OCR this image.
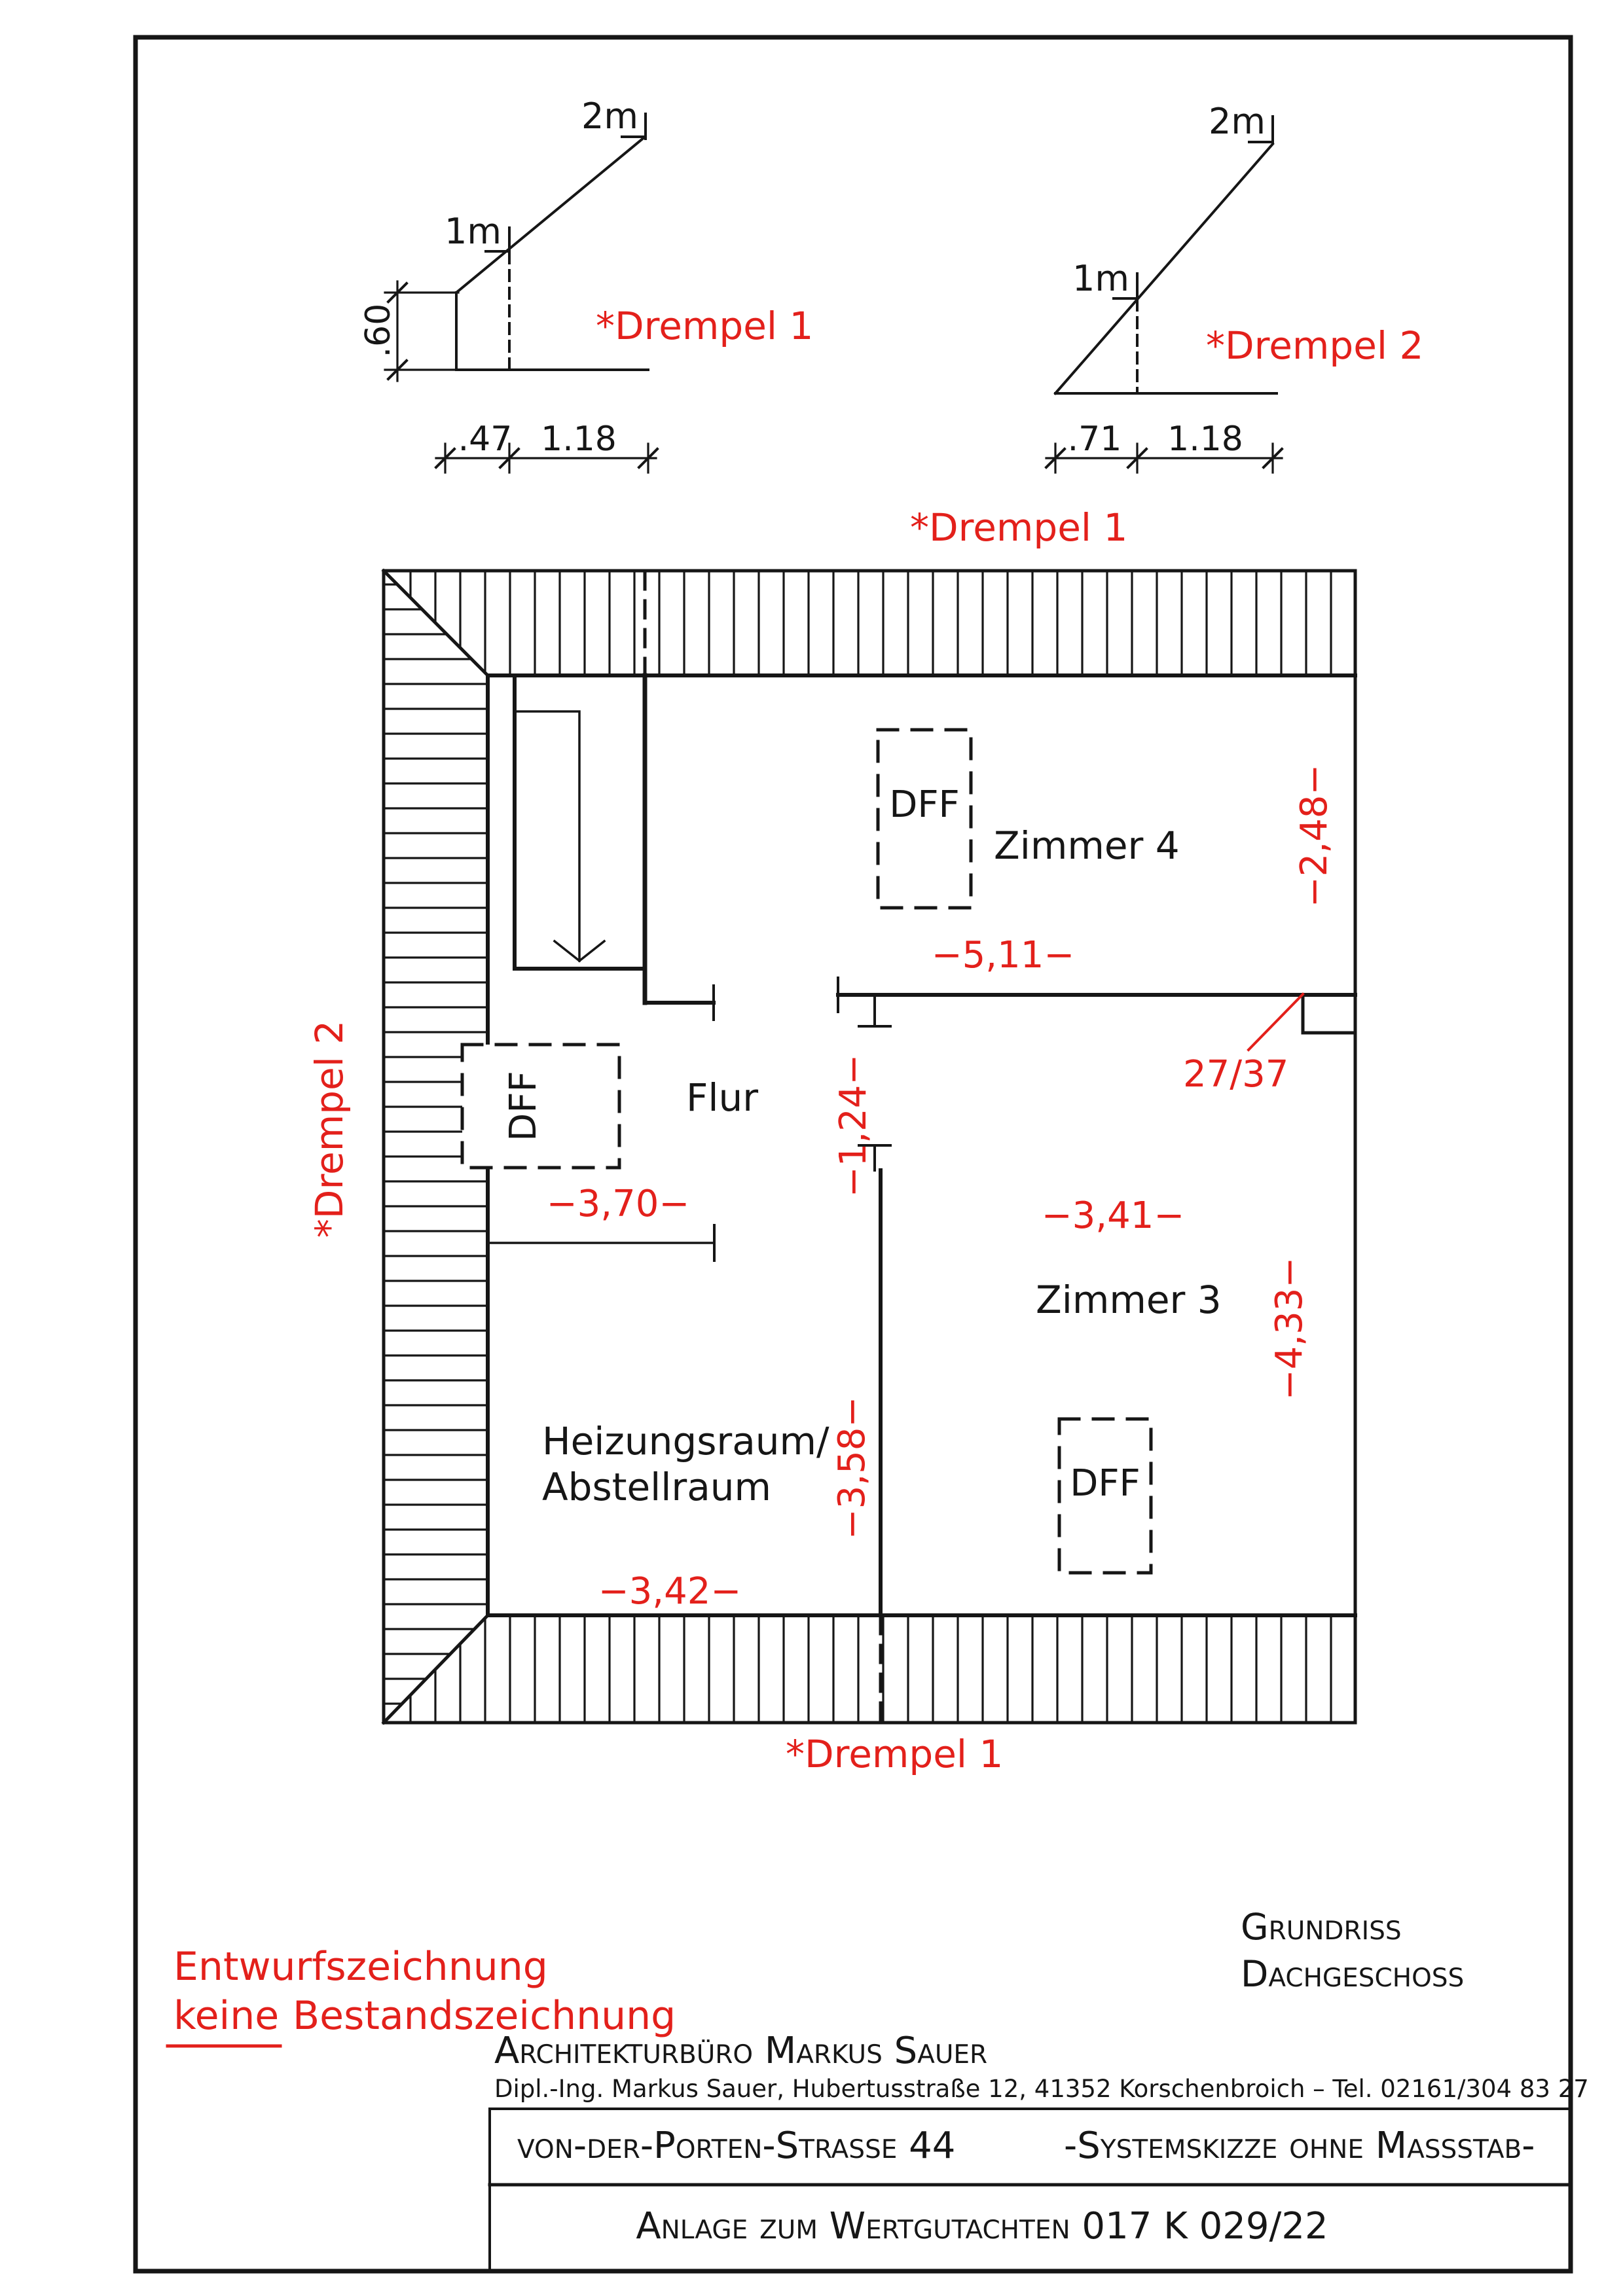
2m
1m
.60
.47 1.18
*Drempel 1
2m
1m
.71 1.18
*Drempel 2
Zimmer 4
Flur
Zimmer 3
Heizungsraum/
Abstellraum
DFF
DFF
DFF
−5,11−
−2,48−
−3,70−
−1,24−
−3,41−
−4,33−
−3,42−
−3,58−
27/37
*Drempel 1
*Drempel 1
*Drempel 2
Entwurfszeichnung
keine Bestandszeichnung
Grundriss
Dachgeschoss
Architekturbüro Markus Sauer
Dipl.-Ing. Markus Sauer, Hubertusstraße 12, 41352 Korschenbroich – Tel. 02161/304 83 27
von-der-Porten-Straße 44	-Systemskizze ohne Maßstab-
Anlage zum Wertgutachten 017 K 029/22
